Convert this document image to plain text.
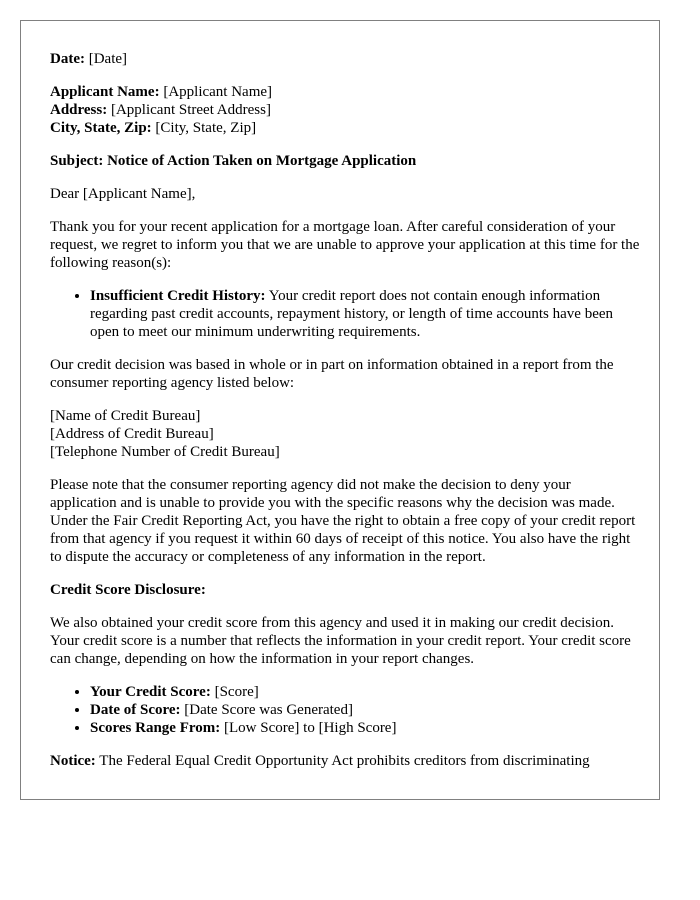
Date: [Date]

Applicant Name: [Applicant Name]
Address: [Applicant Street Address]
City, State, Zip: [City, State, Zip]

Subject: Notice of Action Taken on Mortgage Application

Dear [Applicant Name],

Thank you for your recent application for a mortgage loan. After careful consideration of your request, we regret to inform you that we are unable to approve your application at this time for the following reason(s):

• Insufficient Credit History: Your credit report does not contain enough information regarding past credit accounts, repayment history, or length of time accounts have been open to meet our minimum underwriting requirements.

Our credit decision was based in whole or in part on information obtained in a report from the consumer reporting agency listed below:

[Name of Credit Bureau]
[Address of Credit Bureau]
[Telephone Number of Credit Bureau]

Please note that the consumer reporting agency did not make the decision to deny your application and is unable to provide you with the specific reasons why the decision was made. Under the Fair Credit Reporting Act, you have the right to obtain a free copy of your credit report from that agency if you request it within 60 days of receipt of this notice. You also have the right to dispute the accuracy or completeness of any information in the report.

Credit Score Disclosure:

We also obtained your credit score from this agency and used it in making our credit decision. Your credit score is a number that reflects the information in your credit report. Your credit score can change, depending on how the information in your report changes.

• Your Credit Score: [Score]
• Date of Score: [Date Score was Generated]
• Scores Range From: [Low Score] to [High Score]

Notice: The Federal Equal Credit Opportunity Act prohibits creditors from discriminating
